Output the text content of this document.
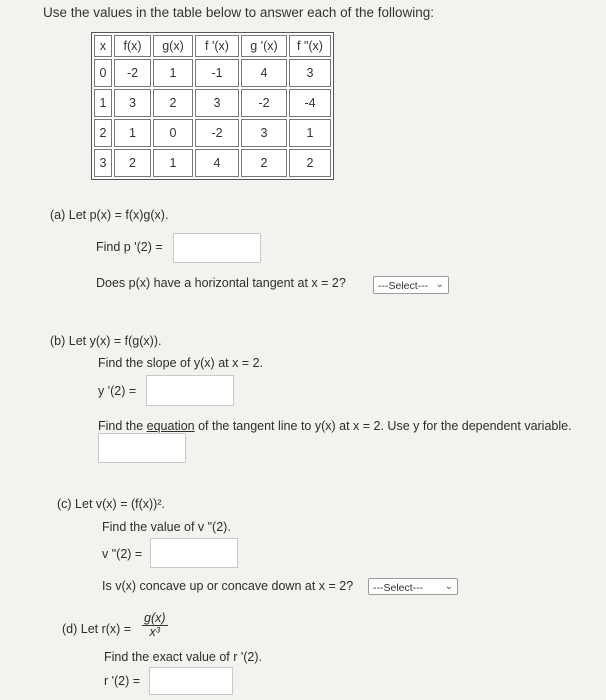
Use the values in the table below to answer each of the following:
x	f(x)	g(x)	f '(x)	g '(x)	f "(x)
0	-2	1	-1	4	3
1	3	2	3	-2	-4
2	1	0	-2	3	1
3	2	1	4	2	2
(a) Let p(x) = f(x)g(x).
Find p '(2) =
Does p(x) have a horizontal tangent at x = 2?	---Select--- ⌄
(b) Let y(x) = f(g(x)).
Find the slope of y(x) at x = 2.
y '(2) =
Find the equation of the tangent line to y(x) at x = 2. Use y for the dependent variable.
(c) Let v(x) = (f(x))².
Find the value of v "(2).
v "(2) =
Is v(x) concave up or concave down at x = 2? ---Select--- ⌄
(d) Let $r(x) = \frac{g(x)}{\text{x³}}$
Find the exact value of r '(2).
r '(2) =
